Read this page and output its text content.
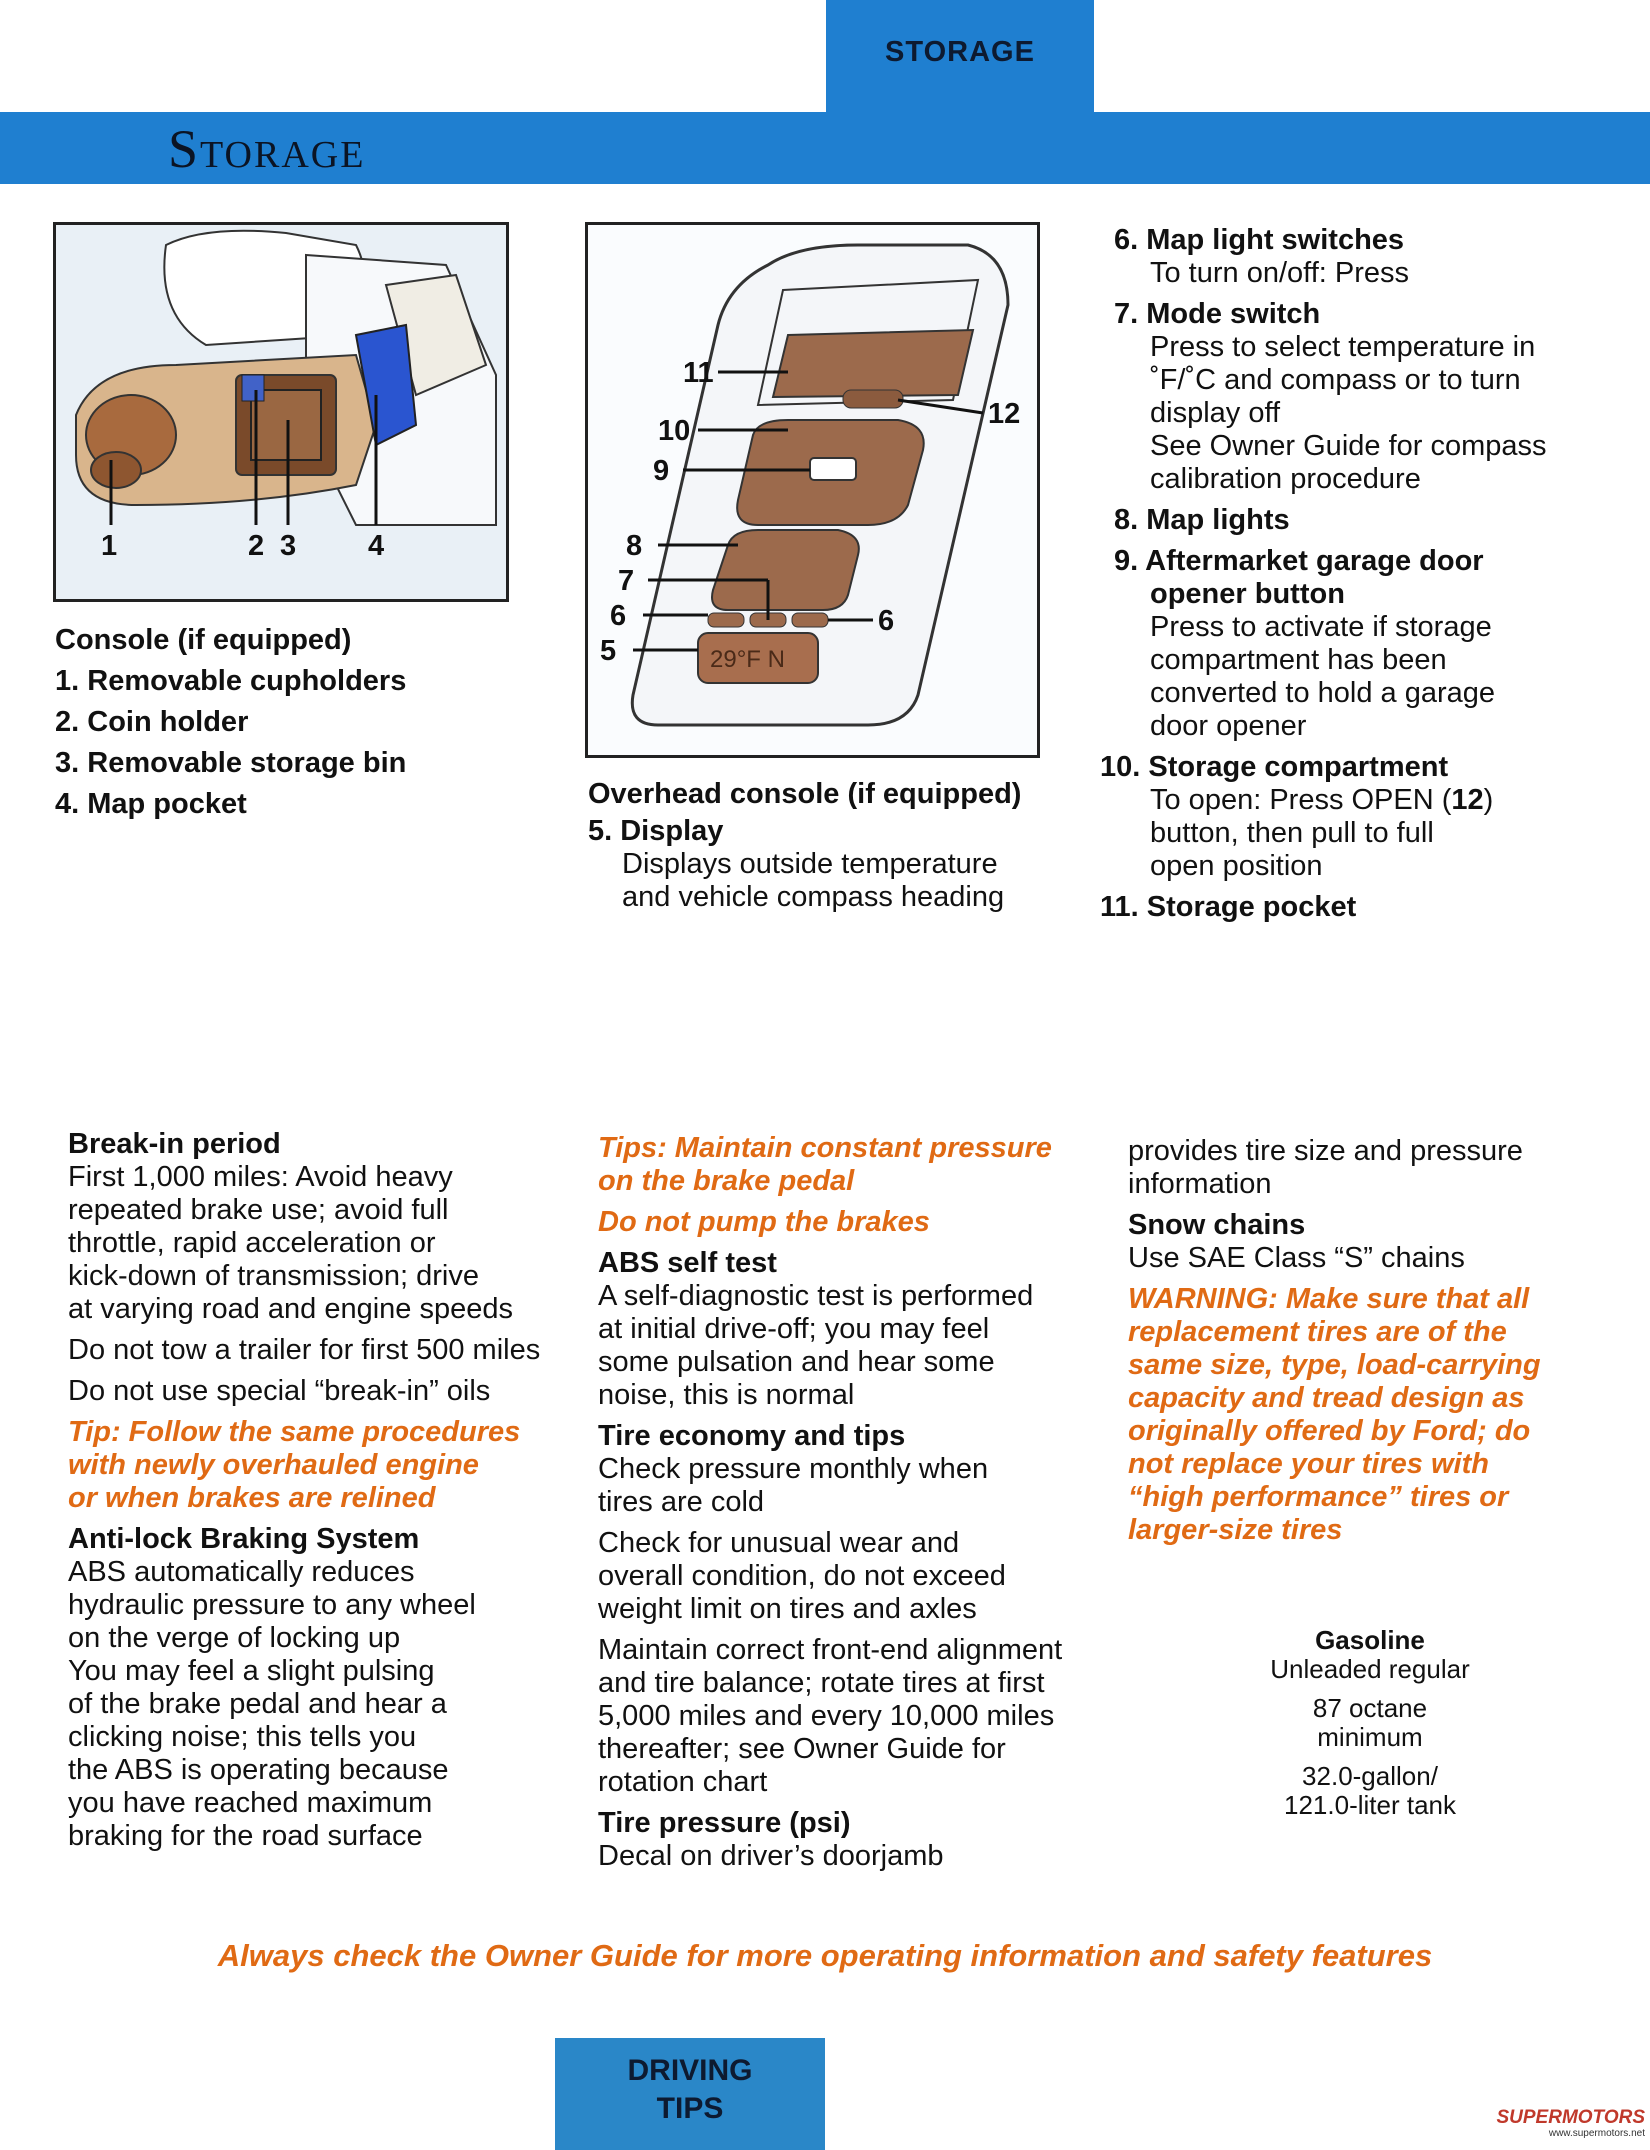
STORAGE
Storage
1	2 3 4
Console (if equipped)
1. Removable cupholders
2. Coin holder
3. Removable storage bin
4. Map pocket
29°F N
11
10
9
8
7
6
5
6
12
Overhead console (if equipped)
5. Display
Displays outside temperature
and vehicle compass heading
6. Map light switches
To turn on/off: Press
7. Mode switch
Press to select temperature in
˚F/˚C and compass or to turn
display off
See Owner Guide for compass
calibration procedure
8. Map lights
9. Aftermarket garage door
opener button
Press to activate if storage
compartment has been
converted to hold a garage
door opener
10. Storage compartment
To open: Press OPEN (12)
button, then pull to full
open position
11. Storage pocket
Break-in period
First 1,000 miles: Avoid heavy
repeated brake use; avoid full
throttle, rapid acceleration or
kick-down of transmission; drive
at varying road and engine speeds
Do not tow a trailer for first 500 miles
Do not use special “break-in” oils
Tip: Follow the same procedures
with newly overhauled engine
or when brakes are relined
Anti-lock Braking System
ABS automatically reduces
hydraulic pressure to any wheel
on the verge of locking up
You may feel a slight pulsing
of the brake pedal and hear a
clicking noise; this tells you
the ABS is operating because
you have reached maximum
braking for the road surface
Tips: Maintain constant pressure
on the brake pedal
Do not pump the brakes
ABS self test
A self-diagnostic test is performed
at initial drive-off; you may feel
some pulsation and hear some
noise, this is normal
Tire economy and tips
Check pressure monthly when
tires are cold
Check for unusual wear and
overall condition, do not exceed
weight limit on tires and axles
Maintain correct front-end alignment
and tire balance; rotate tires at first
5,000 miles and every 10,000 miles
thereafter; see Owner Guide for
rotation chart
Tire pressure (psi)
Decal on driver’s doorjamb
provides tire size and pressure
information
Snow chains
Use SAE Class “S” chains
WARNING: Make sure that all
replacement tires are of the
same size, type, load-carrying
capacity and tread design as
originally offered by Ford; do
not replace your tires with
“high performance” tires or
larger-size tires
Gasoline
Unleaded regular
87 octane
minimum
32.0-gallon/
121.0-liter tank
Always check the Owner Guide for more operating information and safety features
DRIVING
TIPS	SUPERMOTORS
www.supermotors.net
